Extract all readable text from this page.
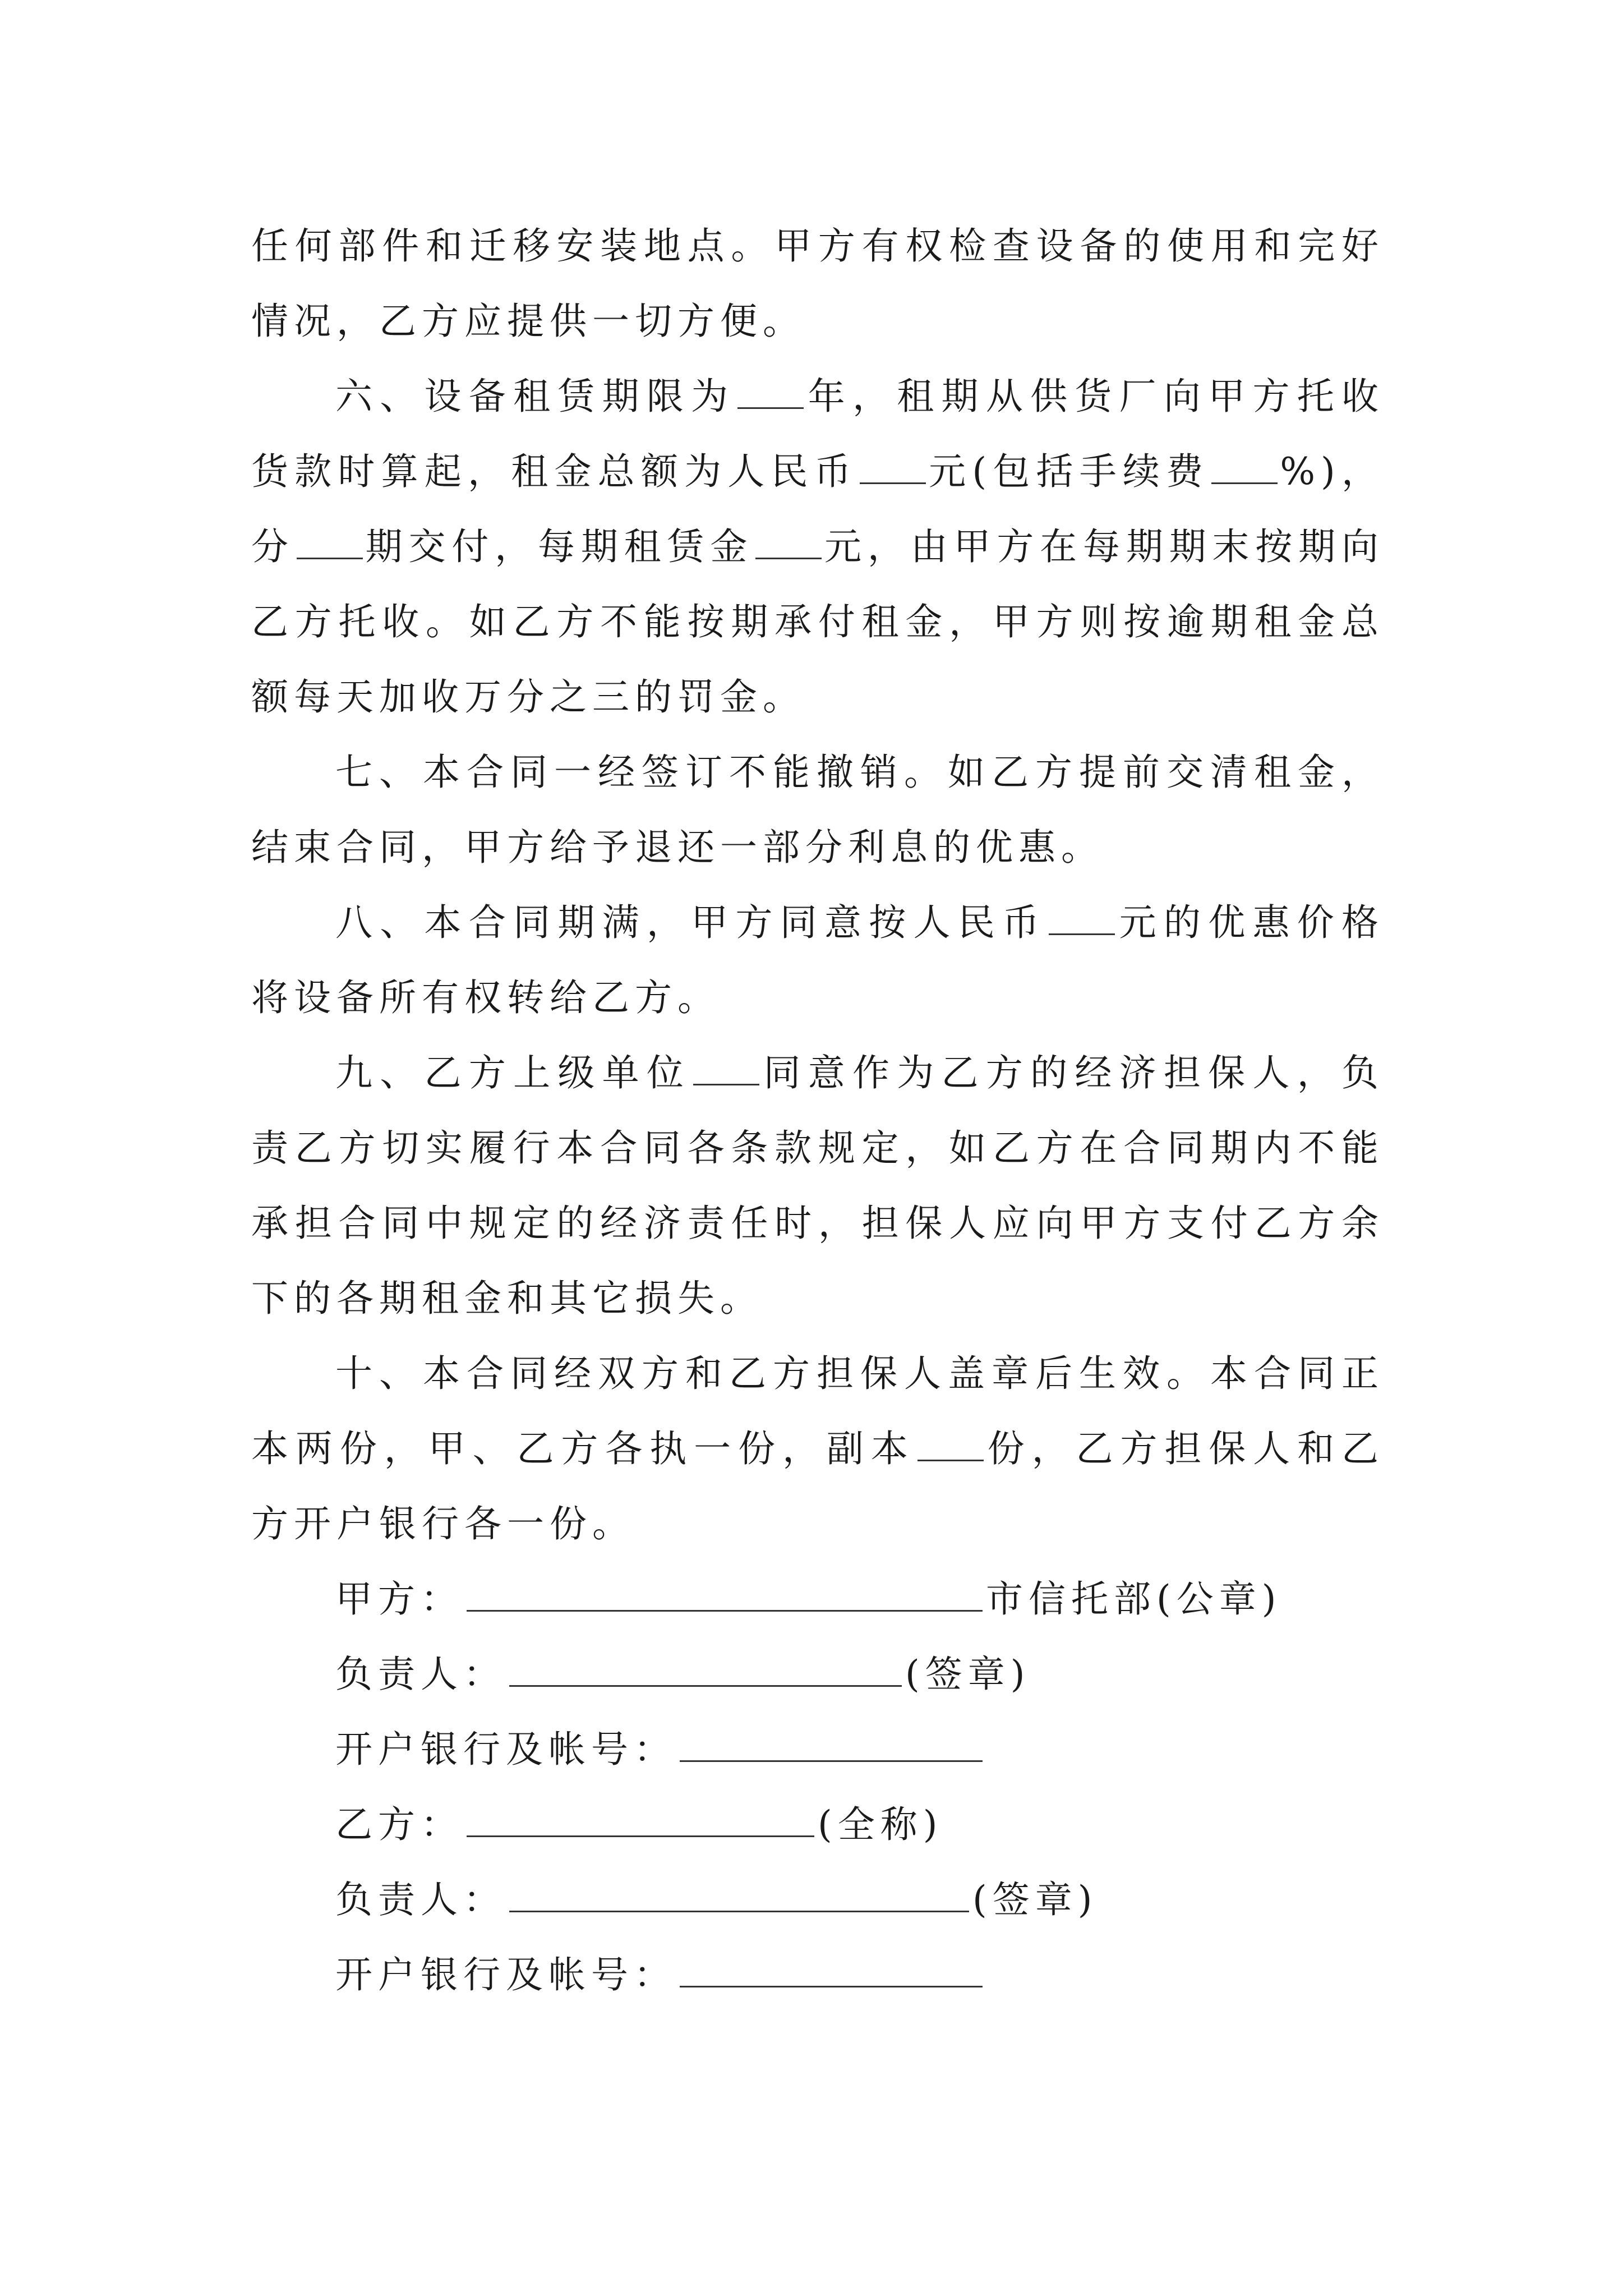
任何部件和迁移安装地点。甲方有权检查设备的使用和完好情况，乙方应提供一切方便。

六、设备租赁期限为 年，租期从供货厂向甲方托收货款时算起，租金总额为人民币 元(包括手续费 %)，分 期交付，每期租赁金 元，由甲方在每期期末按期向乙方托收。如乙方不能按期承付租金，甲方则按逾期租金总额每天加收万分之三的罚金。

七、本合同一经签订不能撤销。如乙方提前交清租金，结束合同，甲方给予退还一部分利息的优惠。

八、本合同期满，甲方同意按人民币 元的优惠价格将设备所有权转给乙方。

九、乙方上级单位 同意作为乙方的经济担保人，负责乙方切实履行本合同各条款规定，如乙方在合同期内不能承担合同中规定的经济责任时，担保人应向甲方支付乙方余下的各期租金和其它损失。

十、本合同经双方和乙方担保人盖章后生效。本合同正本两份，甲、乙方各执一份，副本 份，乙方担保人和乙方开户银行各一份。

甲方：	市信托部(公章)

负责人：	(签章)

开户银行及帐号：

乙方：	(全称)

负责人：	(签章)

开户银行及帐号：
